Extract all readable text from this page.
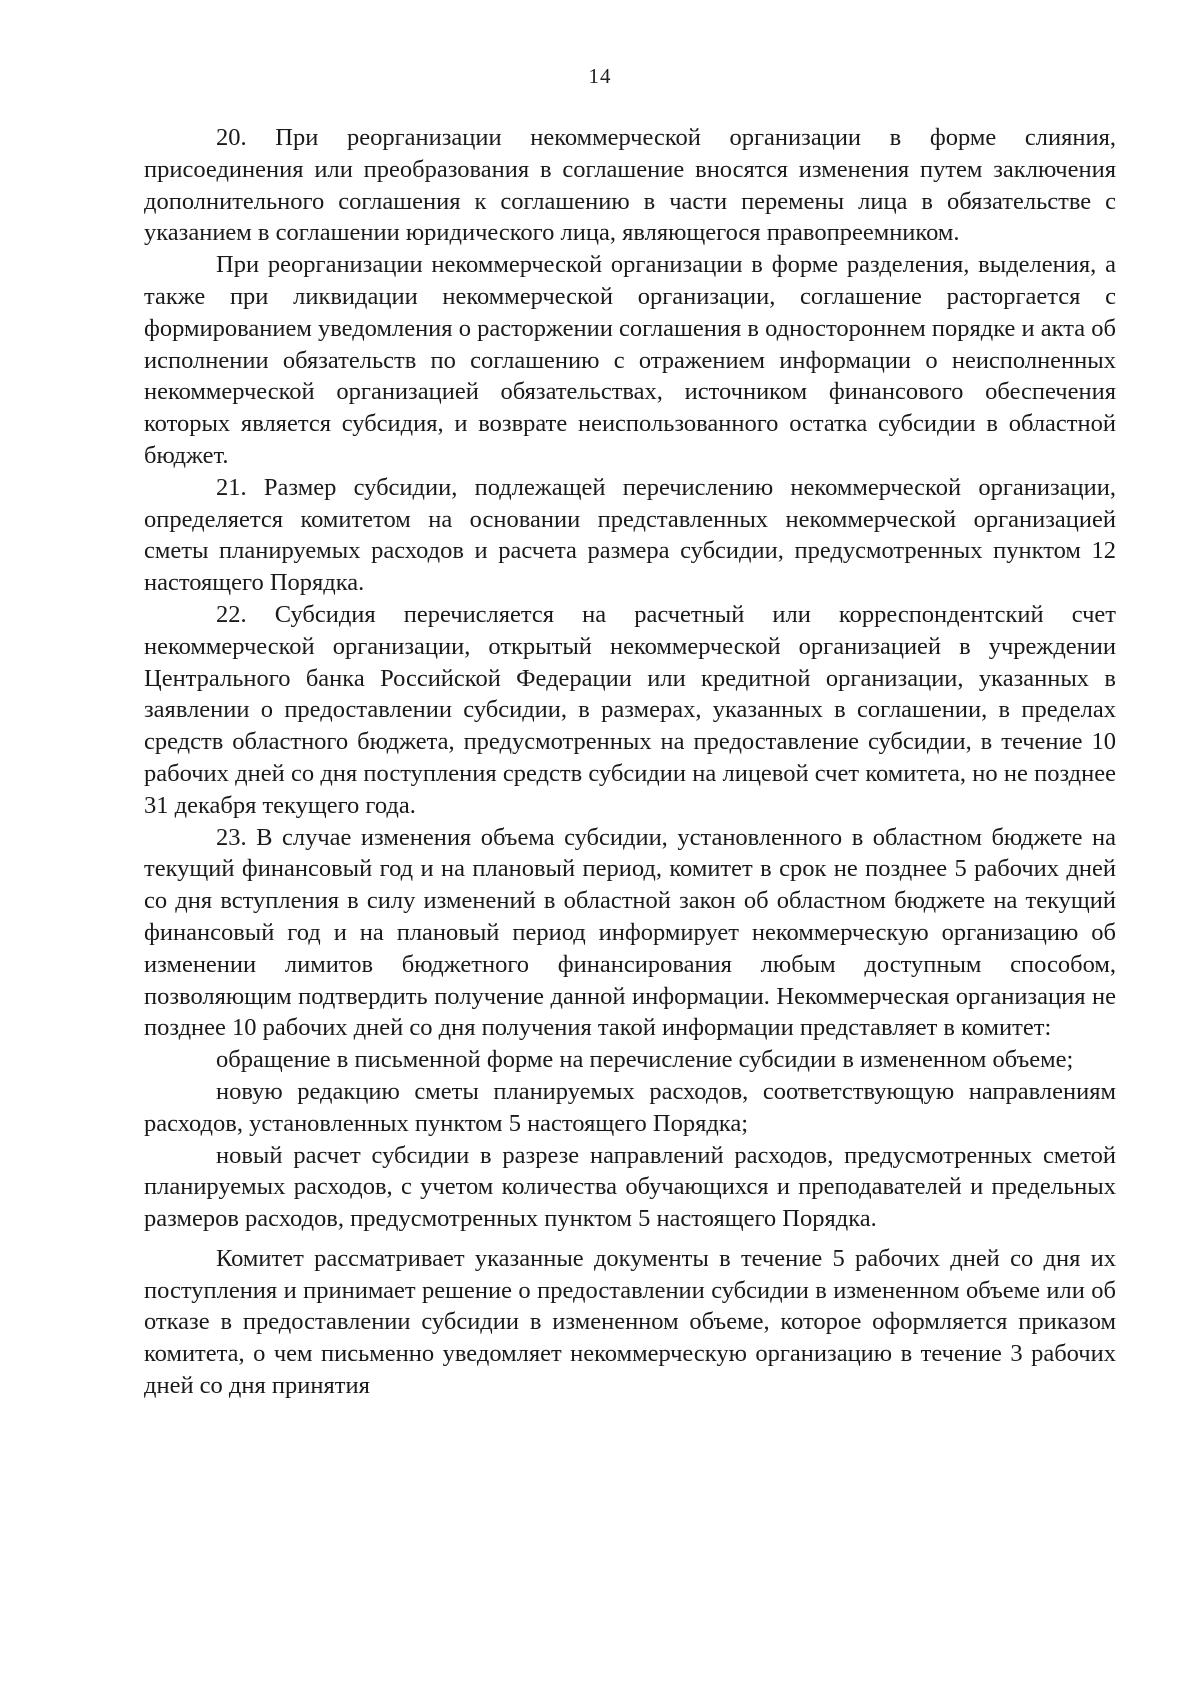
14

20. При реорганизации некоммерческой организации в форме слияния, присоединения или преобразования в соглашение вносятся изменения путем заключения дополнительного соглашения к соглашению в части перемены лица в обязательстве с указанием в соглашении юридического лица, являющегося правопреемником.

При реорганизации некоммерческой организации в форме разделения, выделения, а также при ликвидации некоммерческой организации, соглашение расторгается с формированием уведомления о расторжении соглашения в одностороннем порядке и акта об исполнении обязательств по соглашению с отражением информации о неисполненных некоммерческой организацией обязательствах, источником финансового обеспечения которых является субсидия, и возврате неиспользованного остатка субсидии в областной бюджет.

21. Размер субсидии, подлежащей перечислению некоммерческой организации, определяется комитетом на основании представленных некоммерческой организацией сметы планируемых расходов и расчета размера субсидии, предусмотренных пунктом 12 настоящего Порядка.

22. Субсидия перечисляется на расчетный или корреспондентский счет некоммерческой организации, открытый некоммерческой организацией в учреждении Центрального банка Российской Федерации или кредитной организации, указанных в заявлении о предоставлении субсидии, в размерах, указанных в соглашении, в пределах средств областного бюджета, предусмотренных на предоставление субсидии, в течение 10 рабочих дней со дня поступления средств субсидии на лицевой счет комитета, но не позднее 31 декабря текущего года.

23. В случае изменения объема субсидии, установленного в областном бюджете на текущий финансовый год и на плановый период, комитет в срок не позднее 5 рабочих дней со дня вступления в силу изменений в областной закон об областном бюджете на текущий финансовый год и на плановый период информирует некоммерческую организацию об изменении лимитов бюджетного финансирования любым доступным способом, позволяющим подтвердить получение данной информации. Некоммерческая организация не позднее 10 рабочих дней со дня получения такой информации представляет в комитет:

обращение в письменной форме на перечисление субсидии в измененном объеме;

новую редакцию сметы планируемых расходов, соответствующую направлениям расходов, установленных пунктом 5 настоящего Порядка;

новый расчет субсидии в разрезе направлений расходов, предусмотренных сметой планируемых расходов, с учетом количества обучающихся и преподавателей и предельных размеров расходов, предусмотренных пунктом 5 настоящего Порядка.

Комитет рассматривает указанные документы в течение 5 рабочих дней со дня их поступления и принимает решение о предоставлении субсидии в измененном объеме или об отказе в предоставлении субсидии в измененном объеме, которое оформляется приказом комитета, о чем письменно уведомляет некоммерческую организацию в течение 3 рабочих дней со дня принятия
